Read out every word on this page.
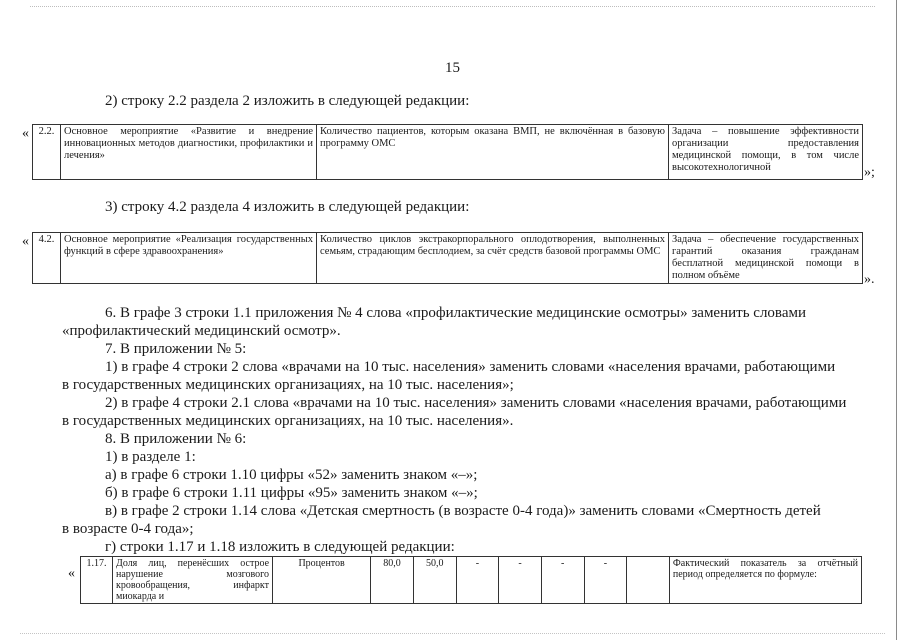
15
2) строку 2.2 раздела 2 изложить в следующей редакции:
« 2.2.	Основное мероприятие «Развитие и внедрение инновационных методов диагностики, профилактики и лечения»	Количество пациентов, которым оказана ВМП, не включённая в базовую программу ОМС	Задача – повышение эффективности организации предоставления медицинской помощи, в том числе высокотехнологичной	»;
3) строку 4.2 раздела 4 изложить в следующей редакции:
« 4.2.	Основное мероприятие «Реализация государственных функций в сфере здравоохранения»	Количество циклов экстракорпорального оплодотворения, выполненных семьям, страдающим бесплодием, за счёт средств базовой программы ОМС	Задача – обеспечение государственных гарантий оказания гражданам бесплатной медицинской помощи в полном объёме	».
6. В графе 3 строки 1.1 приложения № 4 слова «профилактические медицинские осмотры» заменить словами
«профилактический медицинский осмотр».
7. В приложении № 5:
1) в графе 4 строки 2 слова «врачами на 10 тыс. населения» заменить словами «населения врачами, работающими
в государственных медицинских организациях, на 10 тыс. населения»;
2) в графе 4 строки 2.1 слова «врачами на 10 тыс. населения» заменить словами «населения врачами, работающими
в государственных медицинских организациях, на 10 тыс. населения».
8. В приложении № 6:
1) в разделе 1:
а) в графе 6 строки 1.10 цифры «52» заменить знаком «–»;
б) в графе 6 строки 1.11 цифры «95» заменить знаком «–»;
в) в графе 2 строки 1.14 слова «Детская смертность (в возрасте 0-4 года)» заменить словами «Смертность детей
в возрасте 0-4 года»;
г) строки 1.17 и 1.18 изложить в следующей редакции:
«
1.17.	Доля лиц, перенёсших острое нарушение мозгового кровообращения, инфаркт миокарда и	Процентов	80,0	50,0	-	-	-	-		Фактический показатель за отчётный период определяется по формуле:
